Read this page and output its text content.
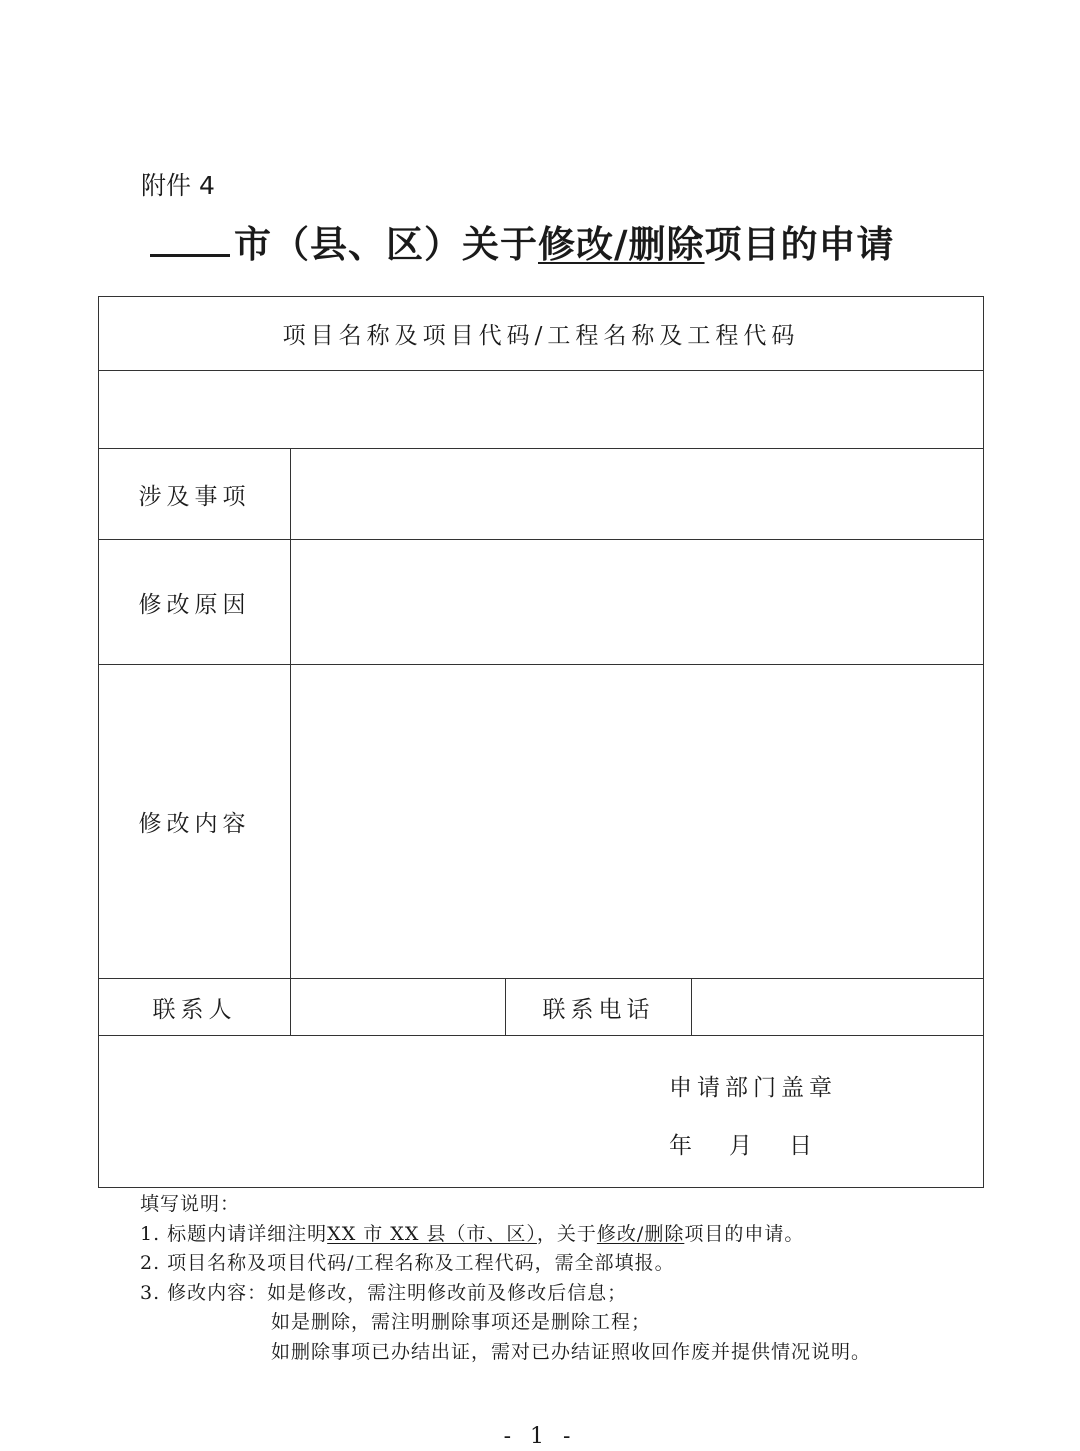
附件 4
市（县、区）关于修改/删除项目的申请
项目名称及项目代码/工程名称及工程代码			

涉及事项			
修改原因			
修改内容			
联系人		联系电话	

申请部门盖章
年 月 日			
填写说明：
1. 标题内请详细注明XX 市 XX 县（市、区），关于修改/删除项目的申请。
2. 项目名称及项目代码/工程名称及工程代码，需全部填报。
3. 修改内容：如是修改，需注明修改前及修改后信息；
如是删除，需注明删除事项还是删除工程；
如删除事项已办结出证，需对已办结证照收回作废并提供情况说明。
- 1 -
